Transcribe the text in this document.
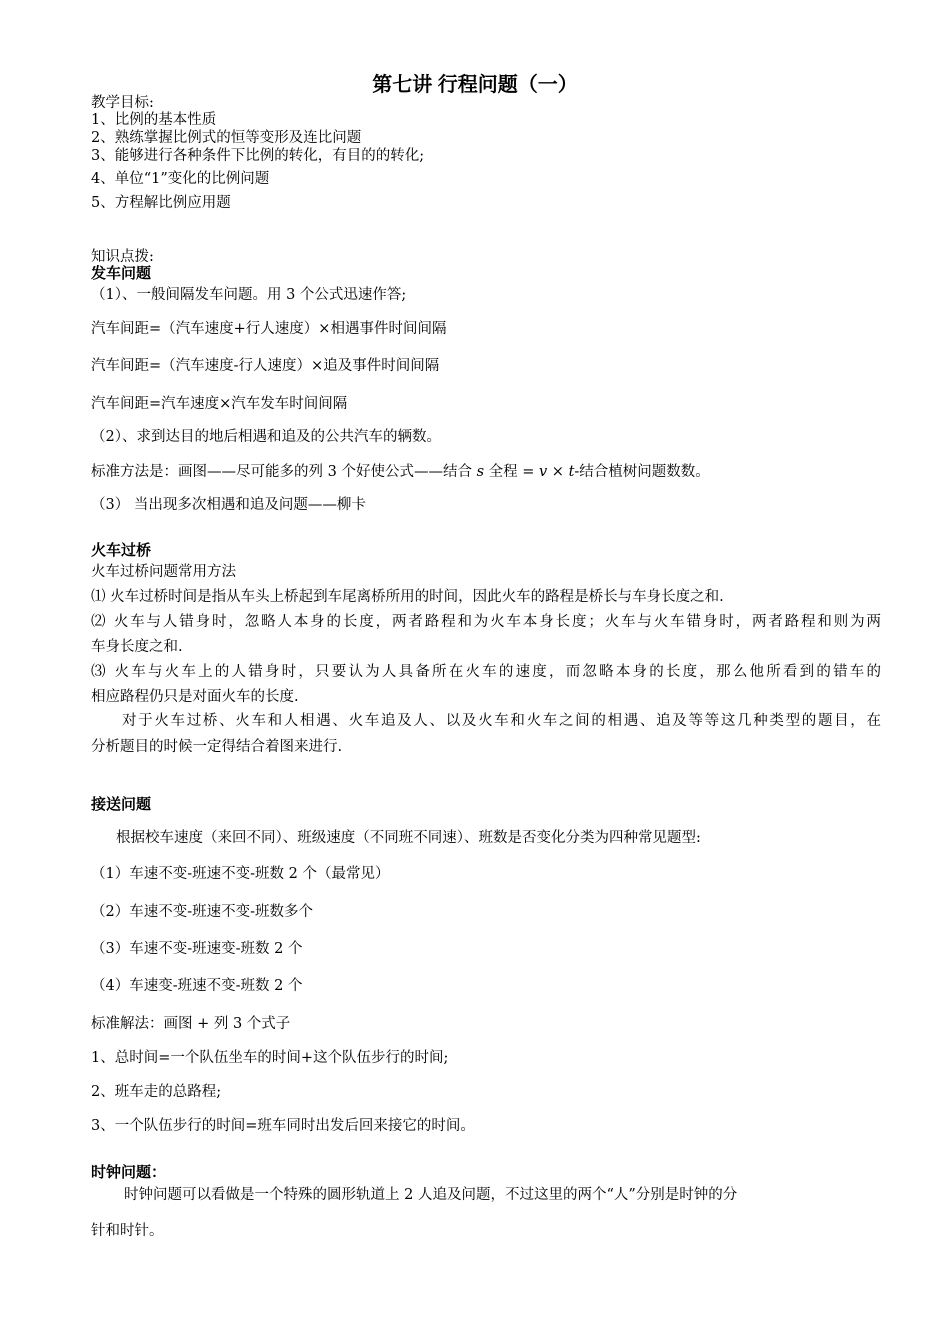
第七讲 行程问题（一）
教学目标:
1、比例的基本性质
2、熟练掌握比例式的恒等变形及连比问题
3、能够进行各种条件下比例的转化，有目的的转化;
4、单位“1”变化的比例问题
5、方程解比例应用题
知识点拨:
发车问题
（1）、一般间隔发车问题。用 3 个公式迅速作答;
汽车间距=（汽车速度+行人速度）×相遇事件时间间隔
汽车间距=（汽车速度-行人速度）×追及事件时间间隔
汽车间距=汽车速度×汽车发车时间间隔
（2）、求到达目的地后相遇和追及的公共汽车的辆数。
标准方法是：画图——尽可能多的列 3 个好使公式——结合 s 全程 = v × t-结合植树问题数数。
（3） 当出现多次相遇和追及问题——柳卡
火车过桥
火车过桥问题常用方法
⑴ 火车过桥时间是指从车头上桥起到车尾离桥所用的时间，因此火车的路程是桥长与车身长度之和.
⑵ 火车与人错身时，忽略人本身的长度，两者路程和为火车本身长度；火车与火车错身时，两者路程和则为两
车身长度之和.
⑶ 火车与火车上的人错身时，只要认为人具备所在火车的速度，而忽略本身的长度，那么他所看到的错车的
相应路程仍只是对面火车的长度.
对于火车过桥、火车和人相遇、火车追及人、以及火车和火车之间的相遇、追及等等这几种类型的题目，在
分析题目的时候一定得结合着图来进行.
接送问题
根据校车速度（来回不同）、班级速度（不同班不同速）、班数是否变化分类为四种常见题型:
（1）车速不变-班速不变-班数 2 个（最常见）
（2）车速不变-班速不变-班数多个
（3）车速不变-班速变-班数 2 个
（4）车速变-班速不变-班数 2 个
标准解法：画图 + 列 3 个式子
1、总时间=一个队伍坐车的时间+这个队伍步行的时间;
2、班车走的总路程;
3、一个队伍步行的时间=班车同时出发后回来接它的时间。
时钟问题：
时钟问题可以看做是一个特殊的圆形轨道上 2 人追及问题，不过这里的两个“人”分别是时钟的分
针和时针。
